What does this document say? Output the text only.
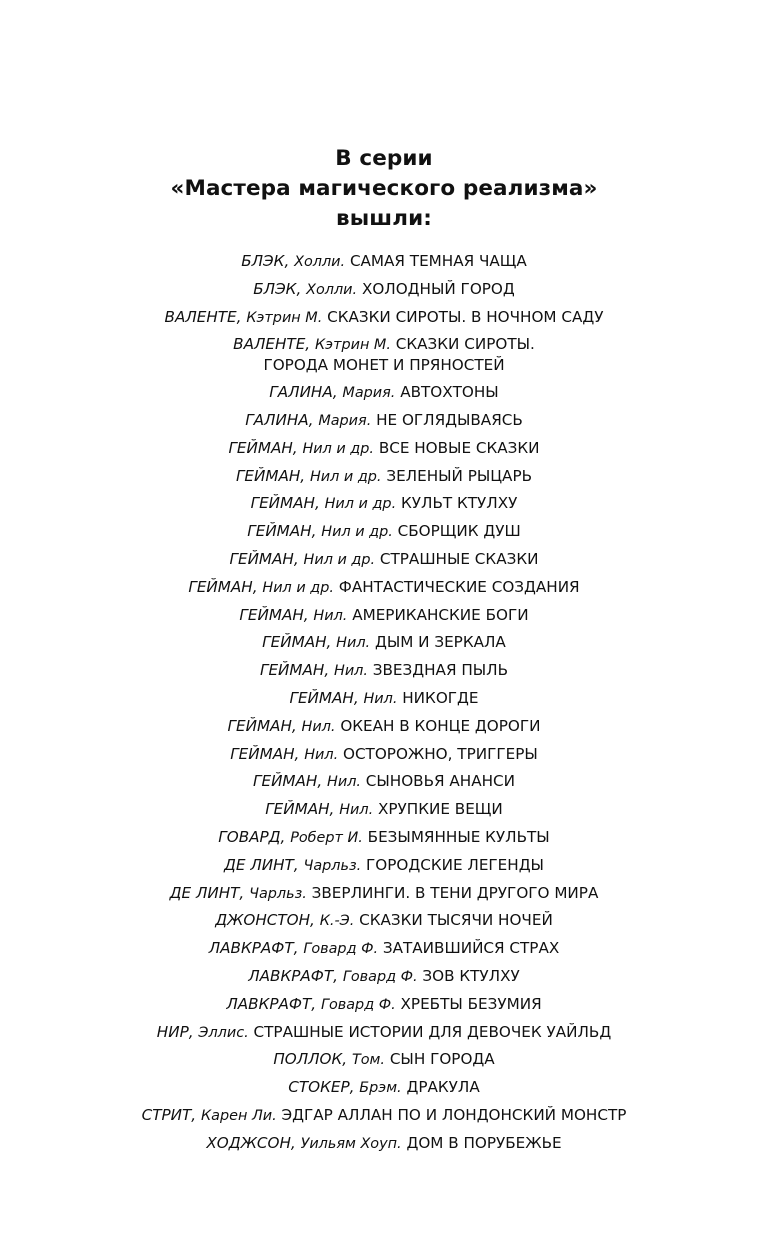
В серии
«Мастера магического реализма»
вышли:
БЛЭК, Холли. САМАЯ ТЕМНАЯ ЧАЩА
БЛЭК, Холли. ХОЛОДНЫЙ ГОРОД
ВАЛЕНТЕ, Кэтрин М. СКАЗКИ СИРОТЫ. В НОЧНОМ САДУ
ВАЛЕНТЕ, Кэтрин М. СКАЗКИ СИРОТЫ.
ГОРОДА МОНЕТ И ПРЯНОСТЕЙ
ГАЛИНА, Мария. АВТОХТОНЫ
ГАЛИНА, Мария. НЕ ОГЛЯДЫВАЯСЬ
ГЕЙМАН, Нил и др. ВСЕ НОВЫЕ СКАЗКИ
ГЕЙМАН, Нил и др. ЗЕЛЕНЫЙ РЫЦАРЬ
ГЕЙМАН, Нил и др. КУЛЬТ КТУЛХУ
ГЕЙМАН, Нил и др. СБОРЩИК ДУШ
ГЕЙМАН, Нил и др. СТРАШНЫЕ СКАЗКИ
ГЕЙМАН, Нил и др. ФАНТАСТИЧЕСКИЕ СОЗДАНИЯ
ГЕЙМАН, Нил. АМЕРИКАНСКИЕ БОГИ
ГЕЙМАН, Нил. ДЫМ И ЗЕРКАЛА
ГЕЙМАН, Нил. ЗВЕЗДНАЯ ПЫЛЬ
ГЕЙМАН, Нил. НИКОГДЕ
ГЕЙМАН, Нил. ОКЕАН В КОНЦЕ ДОРОГИ
ГЕЙМАН, Нил. ОСТОРОЖНО, ТРИГГЕРЫ
ГЕЙМАН, Нил. СЫНОВЬЯ АНАНСИ
ГЕЙМАН, Нил. ХРУПКИЕ ВЕЩИ
ГОВАРД, Роберт И. БЕЗЫМЯННЫЕ КУЛЬТЫ
ДЕ ЛИНТ, Чарльз. ГОРОДСКИЕ ЛЕГЕНДЫ
ДЕ ЛИНТ, Чарльз. ЗВЕРЛИНГИ. В ТЕНИ ДРУГОГО МИРА
ДЖОНСТОН, К.-Э. СКАЗКИ ТЫСЯЧИ НОЧЕЙ
ЛАВКРАФТ, Говард Ф. ЗАТАИВШИЙСЯ СТРАХ
ЛАВКРАФТ, Говард Ф. ЗОВ КТУЛХУ
ЛАВКРАФТ, Говард Ф. ХРЕБТЫ БЕЗУМИЯ
НИР, Эллис. СТРАШНЫЕ ИСТОРИИ ДЛЯ ДЕВОЧЕК УАЙЛЬД
ПОЛЛОК, Том. СЫН ГОРОДА
СТОКЕР, Брэм. ДРАКУЛА
СТРИТ, Карен Ли. ЭДГАР АЛЛАН ПО И ЛОНДОНСКИЙ МОНСТР
ХОДЖСОН, Уильям Хоуп. ДОМ В ПОРУБЕЖЬЕ
